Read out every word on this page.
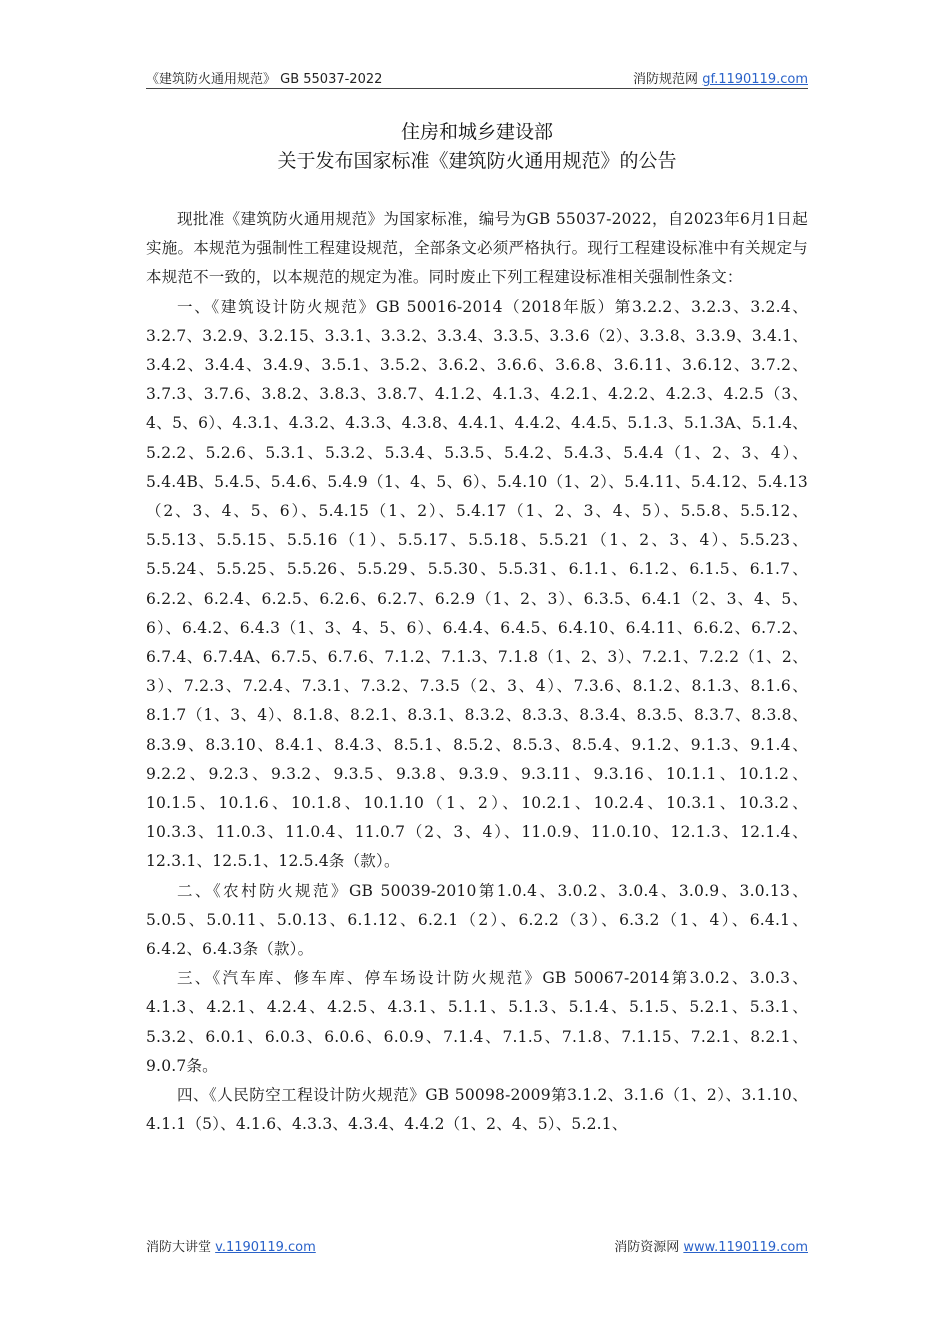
《建筑防火通用规范》 GB 55037-2022	消防规范网 gf.1190119.com
住房和城乡建设部
关于发布国家标准《建筑防火通用规范》的公告

现批准《建筑防火通用规范》为国家标准，编号为GB 55037-2022，自2023年6月1日起实施。本规范为强制性工程建设规范，全部条文必须严格执行。现行工程建设标准中有关规定与本规范不一致的，以本规范的规定为准。同时废止下列工程建设标准相关强制性条文：

一、《建筑设计防火规范》GB 50016-2014（2018年版）第3.2.2、3.2.3、3.2.4、3.2.7、3.2.9、3.2.15、3.3.1、3.3.2、3.3.4、3.3.5、3.3.6（2）、3.3.8、3.3.9、3.4.1、3.4.2、3.4.4、3.4.9、3.5.1、3.5.2、3.6.2、3.6.6、3.6.8、3.6.11、3.6.12、3.7.2、3.7.3、3.7.6、3.8.2、3.8.3、3.8.7、4.1.2、4.1.3、4.2.1、4.2.2、4.2.3、4.2.5（3、4、5、6）、4.3.1、4.3.2、4.3.3、4.3.8、4.4.1、4.4.2、4.4.5、5.1.3、5.1.3A、5.1.4、5.2.2、5.2.6、5.3.1、5.3.2、5.3.4、5.3.5、5.4.2、5.4.3、5.4.4（1、2、3、4）、5.4.4B、5.4.5、5.4.6、5.4.9（1、4、5、6）、5.4.10（1、2）、5.4.11、5.4.12、5.4.13（2、3、4、5、6）、5.4.15（1、2）、5.4.17（1、2、3、4、5）、5.5.8、5.5.12、5.5.13、5.5.15、5.5.16（1）、5.5.17、5.5.18、5.5.21（1、2、3、4）、5.5.23、5.5.24、5.5.25、5.5.26、5.5.29、5.5.30、5.5.31、6.1.1、6.1.2、6.1.5、6.1.7、6.2.2、6.2.4、6.2.5、6.2.6、6.2.7、6.2.9（1、2、3）、6.3.5、6.4.1（2、3、4、5、6）、6.4.2、6.4.3（1、3、4、5、6）、6.4.4、6.4.5、6.4.10、6.4.11、6.6.2、6.7.2、6.7.4、6.7.4A、6.7.5、6.7.6、7.1.2、7.1.3、7.1.8（1、2、3）、7.2.1、7.2.2（1、2、3）、7.2.3、7.2.4、7.3.1、7.3.2、7.3.5（2、3、4）、7.3.6、8.1.2、8.1.3、8.1.6、8.1.7（1、3、4）、8.1.8、8.2.1、8.3.1、8.3.2、8.3.3、8.3.4、8.3.5、8.3.7、8.3.8、8.3.9、8.3.10、8.4.1、8.4.3、8.5.1、8.5.2、8.5.3、8.5.4、9.1.2、9.1.3、9.1.4、9.2.2、9.2.3、9.3.2、9.3.5、9.3.8、9.3.9、9.3.11、9.3.16、10.1.1、10.1.2、10.1.5、10.1.6、10.1.8、10.1.10（1、2）、10.2.1、10.2.4、10.3.1、10.3.2、10.3.3、11.0.3、11.0.4、11.0.7（2、3、4）、11.0.9、11.0.10、12.1.3、12.1.4、12.3.1、12.5.1、12.5.4条（款）。

二、《农村防火规范》GB 50039-2010第1.0.4、3.0.2、3.0.4、3.0.9、3.0.13、5.0.5、5.0.11、5.0.13、6.1.12、6.2.1（2）、6.2.2（3）、6.3.2（1、4）、6.4.1、6.4.2、6.4.3条（款）。

三、《汽车库、修车库、停车场设计防火规范》GB 50067-2014第3.0.2、3.0.3、4.1.3、4.2.1、4.2.4、4.2.5、4.3.1、5.1.1、5.1.3、5.1.4、5.1.5、5.2.1、5.3.1、5.3.2、6.0.1、6.0.3、6.0.6、6.0.9、7.1.4、7.1.5、7.1.8、7.1.15、7.2.1、8.2.1、9.0.7条。

四、《人民防空工程设计防火规范》GB 50098-2009第3.1.2、3.1.6（1、2）、3.1.10、4.1.1（5）、4.1.6、4.3.3、4.3.4、4.4.2（1、2、4、5）、5.2.1、

消防大讲堂 v.1190119.com	消防资源网 www.1190119.com
